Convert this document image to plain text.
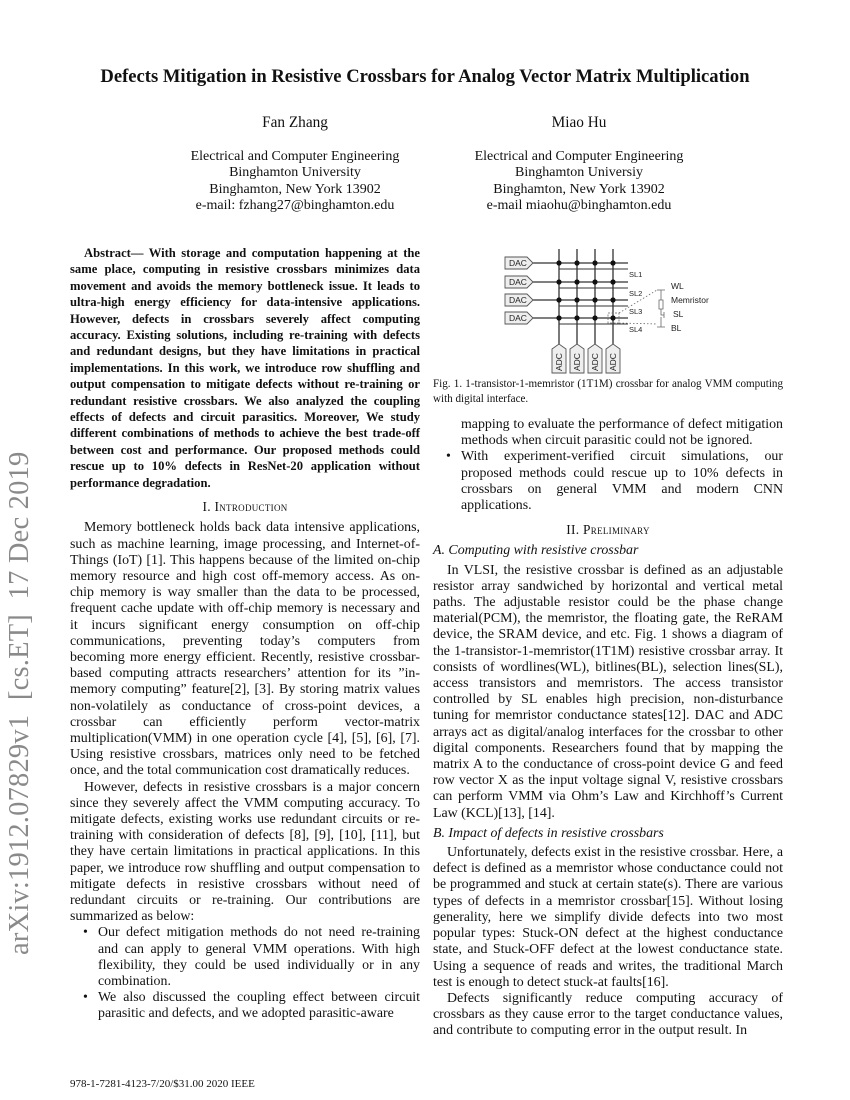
arXiv:1912.07829v1  [cs.ET]  17 Dec 2019
Defects Mitigation in Resistive Crossbars for Analog Vector Matrix Multiplication
Fan Zhang
Electrical and Computer Engineering
Binghamton University
Binghamton, New York 13902
e-mail: fzhang27@binghamton.edu
Miao Hu
Electrical and Computer Engineering
Binghamton Universiy
Binghamton, New York 13902
e-mail miaohu@binghamton.edu
Abstract— With storage and computation happening at the same place, computing in resistive crossbars minimizes data movement and avoids the memory bottleneck issue. It leads to ultra-high energy efficiency for data-intensive applications. However, defects in crossbars severely affect computing accuracy. Existing solutions, including re-training with defects and redundant designs, but they have limitations in practical implementations. In this work, we introduce row shuffling and output compensation to mitigate defects without re-training or redundant resistive crossbars. We also analyzed the coupling effects of defects and circuit parasitics. Moreover, We study different combinations of methods to achieve the best trade-off between cost and performance. Our proposed methods could rescue up to 10% defects in ResNet-20 application without performance degradation.
I. Introduction

Memory bottleneck holds back data intensive applications, such as machine learning, image processing, and Internet-of-Things (IoT) [1]. This happens because of the limited on-chip memory resource and high cost off-memory access. As on-chip memory is way smaller than the data to be processed, frequent cache update with off-chip memory is necessary and it incurs significant energy consumption on off-chip communications, preventing today’s computers from becoming more energy efficient. Recently, resistive crossbar-based computing attracts researchers’ attention for its ”in-memory computing” feature[2], [3]. By storing matrix values non-volatilely as conductance of cross-point devices, a crossbar can efficiently perform vector-matrix multiplication(VMM) in one operation cycle [4], [5], [6], [7]. Using resistive crossbars, matrices only need to be fetched once, and the total communication cost dramatically reduces.

However, defects in resistive crossbars is a major concern since they severely affect the VMM computing accuracy. To mitigate defects, existing works use redundant circuits or re-training with consideration of defects [8], [9], [10], [11], but they have certain limitations in practical applications. In this paper, we introduce row shuffling and output compensation to mitigate defects in resistive crossbars without need of redundant circuits or re-training. Our contributions are summarized as below:

• Our defect mitigation methods do not need re-training and can apply to general VMM operations. With high flexibility, they could be used individually or in any combination.
• We also discussed the coupling effect between circuit parasitic and defects, and we adopted parasitic-aware
DAC
DAC
DAC
DAC
ADC ADC ADC ADC
SL1
SL2
SL3
SL4
WL
Memristor
SL
BL
Fig. 1. 1-transistor-1-memristor (1T1M) crossbar for analog VMM computing with digital interface.

mapping to evaluate the performance of defect mitigation methods when circuit parasitic could not be ignored.

• With experiment-verified circuit simulations, our proposed methods could rescue up to 10% defects in crossbars on general VMM and modern CNN applications.
II. Preliminary
A. Computing with resistive crossbar

In VLSI, the resistive crossbar is defined as an adjustable resistor array sandwiched by horizontal and vertical metal paths. The adjustable resistor could be the phase change material(PCM), the memristor, the floating gate, the ReRAM device, the SRAM device, and etc. Fig. 1 shows a diagram of the 1-transistor-1-memristor(1T1M) resistive crossbar array. It consists of wordlines(WL), bitlines(BL), selection lines(SL), access transistors and memristors. The access transistor controlled by SL enables high precision, non-disturbance tuning for memristor conductance states[12]. DAC and ADC arrays act as digital/analog interfaces for the crossbar to other digital components. Researchers found that by mapping the matrix A to the conductance of cross-point device G and feed row vector X as the input voltage signal V, resistive crossbars can perform VMM via Ohm’s Law and Kirchhoff’s Current Law (KCL)[13], [14].

B. Impact of defects in resistive crossbars

Unfortunately, defects exist in the resistive crossbar. Here, a defect is defined as a memristor whose conductance could not be programmed and stuck at certain state(s). There are various types of defects in a memristor crossbar[15]. Without losing generality, here we simplify divide defects into two most popular types: Stuck-ON defect at the highest conductance state, and Stuck-OFF defect at the lowest conductance state. Using a sequence of reads and writes, the traditional March test is enough to detect stuck-at faults[16].

Defects significantly reduce computing accuracy of crossbars as they cause error to the target conductance values, and contribute to computing error in the output result. In

978-1-7281-4123-7/20/$31.00 2020 IEEE
